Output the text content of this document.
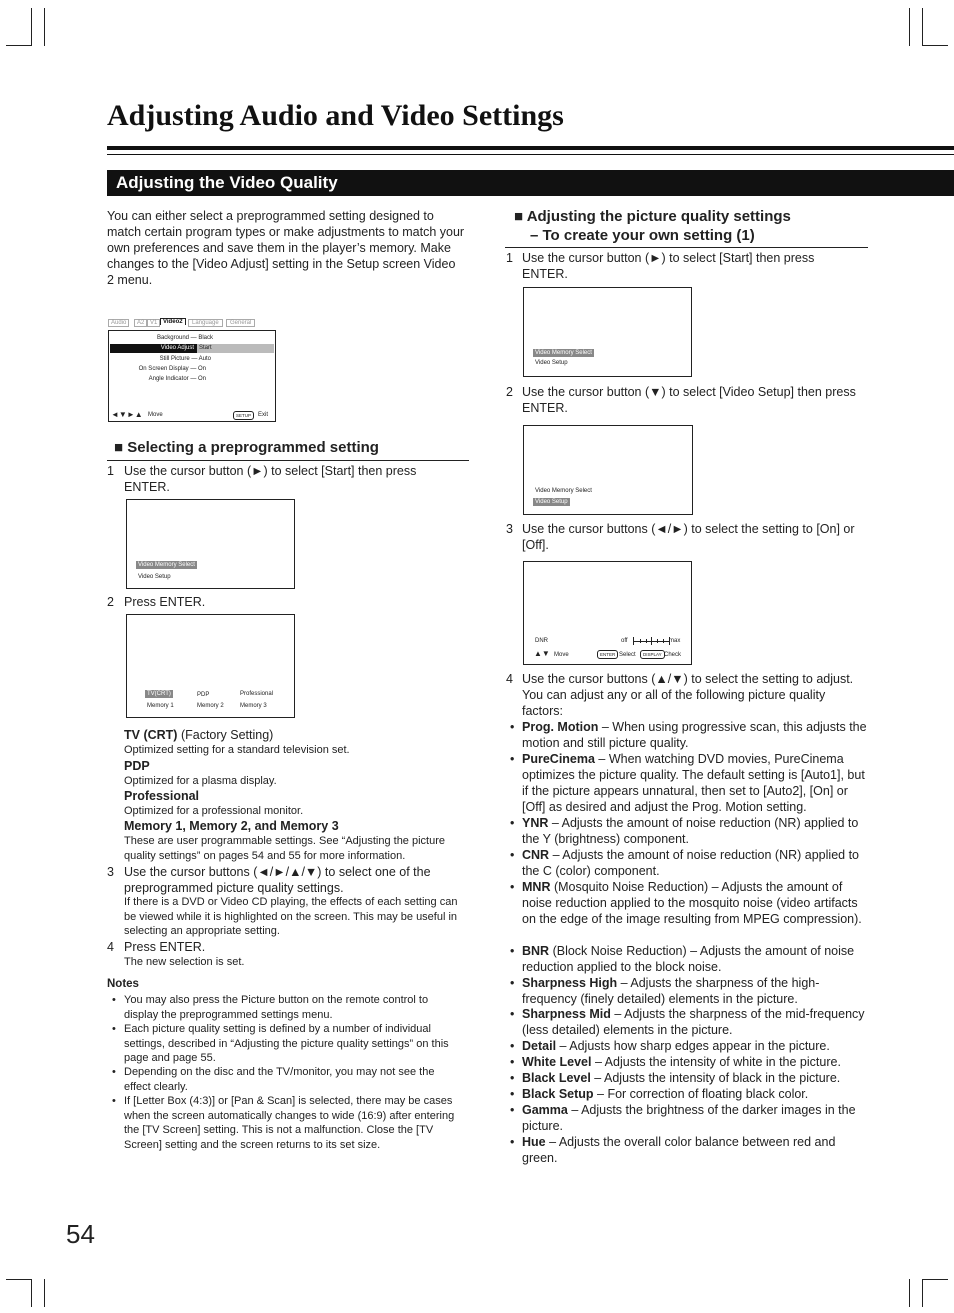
Adjusting Audio and Video Settings
Adjusting the Video Quality

You can either select a preprogrammed setting designed to match certain program types or make adjustments to match your own preferences and save them in the player’s memory. Make changes to the [Video Adjust] setting in the Setup screen Video 2 menu.

Audio	A2 V1 Video2	Language	General
Background — Black
Video Adjust Start
Still Picture — Auto
On Screen Display — On
Angle Indicator — On
◄▼►▲ Move	SETUP	Exit
■ Selecting a preprogrammed setting
1 Use the cursor button (►) to select [Start] then press ENTER.

Video Memory Select
Video Setup
2 Press ENTER.

TV(CRT)	PDP	Professional
Memory 1	Memory 2	Memory 3
TV (CRT) (Factory Setting)
Optimized setting for a standard television set.
PDP
Optimized for a plasma display.
Professional
Optimized for a professional monitor.
Memory 1, Memory 2, and Memory 3
These are user programmable settings. See “Adjusting the picture quality settings” on pages 54 and 55 for more information.
3 Use the cursor buttons (◄/►/▲/▼) to select one of the preprogrammed picture quality settings.

If there is a DVD or Video CD playing, the effects of each setting can be viewed while it is highlighted on the screen. This may be useful in selecting an appropriate setting.

4 Press ENTER.

The new selection is set.

Notes
• You may also press the Picture button on the remote control to display the preprogrammed settings menu.

• Each picture quality setting is defined by a number of individual settings, described in “Adjusting the picture quality settings” on this page and page 55.

• Depending on the disc and the TV/monitor, you may not see the effect clearly.

• If [Letter Box (4:3)] or [Pan & Scan] is selected, there may be cases when the screen automatically changes to wide (16:9) after entering the [TV Screen] setting. This is not a malfunction. Close the [TV Screen] setting and the screen returns to its set size.

■ Adjusting the picture quality settings
– To create your own setting (1)
1 Use the cursor button (►) to select [Start] then press ENTER.

Video Memory Select
Video Setup
2 Use the cursor button (▼) to select [Video Setup] then press ENTER.

Video Memory Select
Video Setup
3 Use the cursor buttons (◄/►) to select the setting to [On] or [Off].

DNR	off	max
▲▼ Move	ENTER Select	DISPLAY Check
4 Use the cursor buttons (▲/▼) to select the setting to adjust. You can adjust any or all of the following picture quality factors:

• Prog. Motion – When using progressive scan, this adjusts the motion and still picture quality.

• PureCinema – When watching DVD movies, PureCinema optimizes the picture quality. The default setting is [Auto1], but if the picture appears unnatural, then set to [Auto2], [On] or [Off] as desired and adjust the Prog. Motion setting.

• YNR – Adjusts the amount of noise reduction (NR) applied to the Y (brightness) component.

• CNR – Adjusts the amount of noise reduction (NR) applied to the C (color) component.

• MNR (Mosquito Noise Reduction) – Adjusts the amount of noise reduction applied to the mosquito noise (video artifacts on the edge of the image resulting from MPEG compression).

• BNR (Block Noise Reduction) – Adjusts the amount of noise reduction applied to the block noise.

• Sharpness High – Adjusts the sharpness of the high-frequency (finely detailed) elements in the picture.

• Sharpness Mid – Adjusts the sharpness of the mid-frequency (less detailed) elements in the picture.

• Detail – Adjusts how sharp edges appear in the picture.

• White Level – Adjusts the intensity of white in the picture.

• Black Level – Adjusts the intensity of black in the picture.

• Black Setup – For correction of floating black color.

• Gamma – Adjusts the brightness of the darker images in the picture.

• Hue – Adjusts the overall color balance between red and green.

54
